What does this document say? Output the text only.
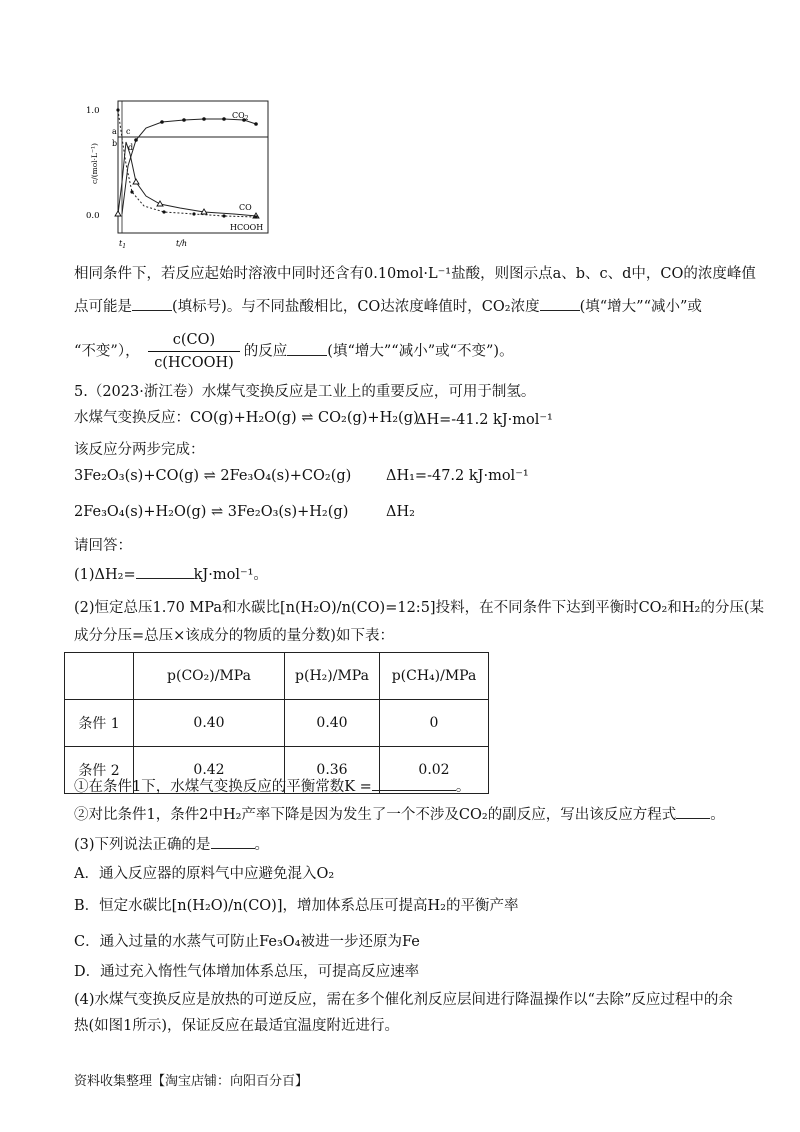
1.0
0.0
c/(mol·L⁻¹)
a
b
c
d
$CO_2$
CO
HCOOH
$t_1$	t/h
相同条件下，若反应起始时溶液中同时还含有0.10mol·L⁻¹盐酸，则图示点a、b、c、d中，CO的浓度峰值
点可能是	(填标号)。与不同盐酸相比，CO达浓度峰值时，CO₂浓度	(填“增大”“减小”或
“不变”）， $\frac{c(CO)}{\text{c(HCOOH)}}$ 的反应	(填“增大”“减小”或“不变”)。
5.（2023·浙江卷）水煤气变换反应是工业上的重要反应，可用于制氢。
水煤气变换反应：CO(g)+H₂O(g) ⇌ CO₂(g)+H₂(g)
ΔH=-41.2 kJ·mol⁻¹
该反应分两步完成：
3Fe₂O₃(s)+CO(g) ⇌ 2Fe₃O₄(s)+CO₂(g) ΔH₁=-47.2 kJ·mol⁻¹
2Fe₃O₄(s)+H₂O(g) ⇌ 3Fe₂O₃(s)+H₂(g)	ΔH₂
请回答：
(1)ΔH₂=	kJ·mol⁻¹。
(2)恒定总压1.70 MPa和水碳比[n(H₂O)/n(CO)=12:5]投料，在不同条件下达到平衡时CO₂和H₂的分压(某
成分分压=总压×该成分的物质的量分数)如下表：
	p(CO₂)/MPa	p(H₂)/MPa	p(CH₄)/MPa
条件 1	0.40	0.40	0
条件 2	0.42	0.36	0.02
①在条件1下，水煤气变换反应的平衡常数K =	。
②对比条件1，条件2中H₂产率下降是因为发生了一个不涉及CO₂的副反应，写出该反应方程式 。
(3)下列说法正确的是	。
A．通入反应器的原料气中应避免混入O₂
B．恒定水碳比[n(H₂O)/n(CO)]，增加体系总压可提高H₂的平衡产率
C．通入过量的水蒸气可防止Fe₃O₄被进一步还原为Fe
D．通过充入惰性气体增加体系总压，可提高反应速率
(4)水煤气变换反应是放热的可逆反应，需在多个催化剂反应层间进行降温操作以“去除”反应过程中的余
热(如图1所示)，保证反应在最适宜温度附近进行。
资料收集整理【淘宝店铺：向阳百分百】
